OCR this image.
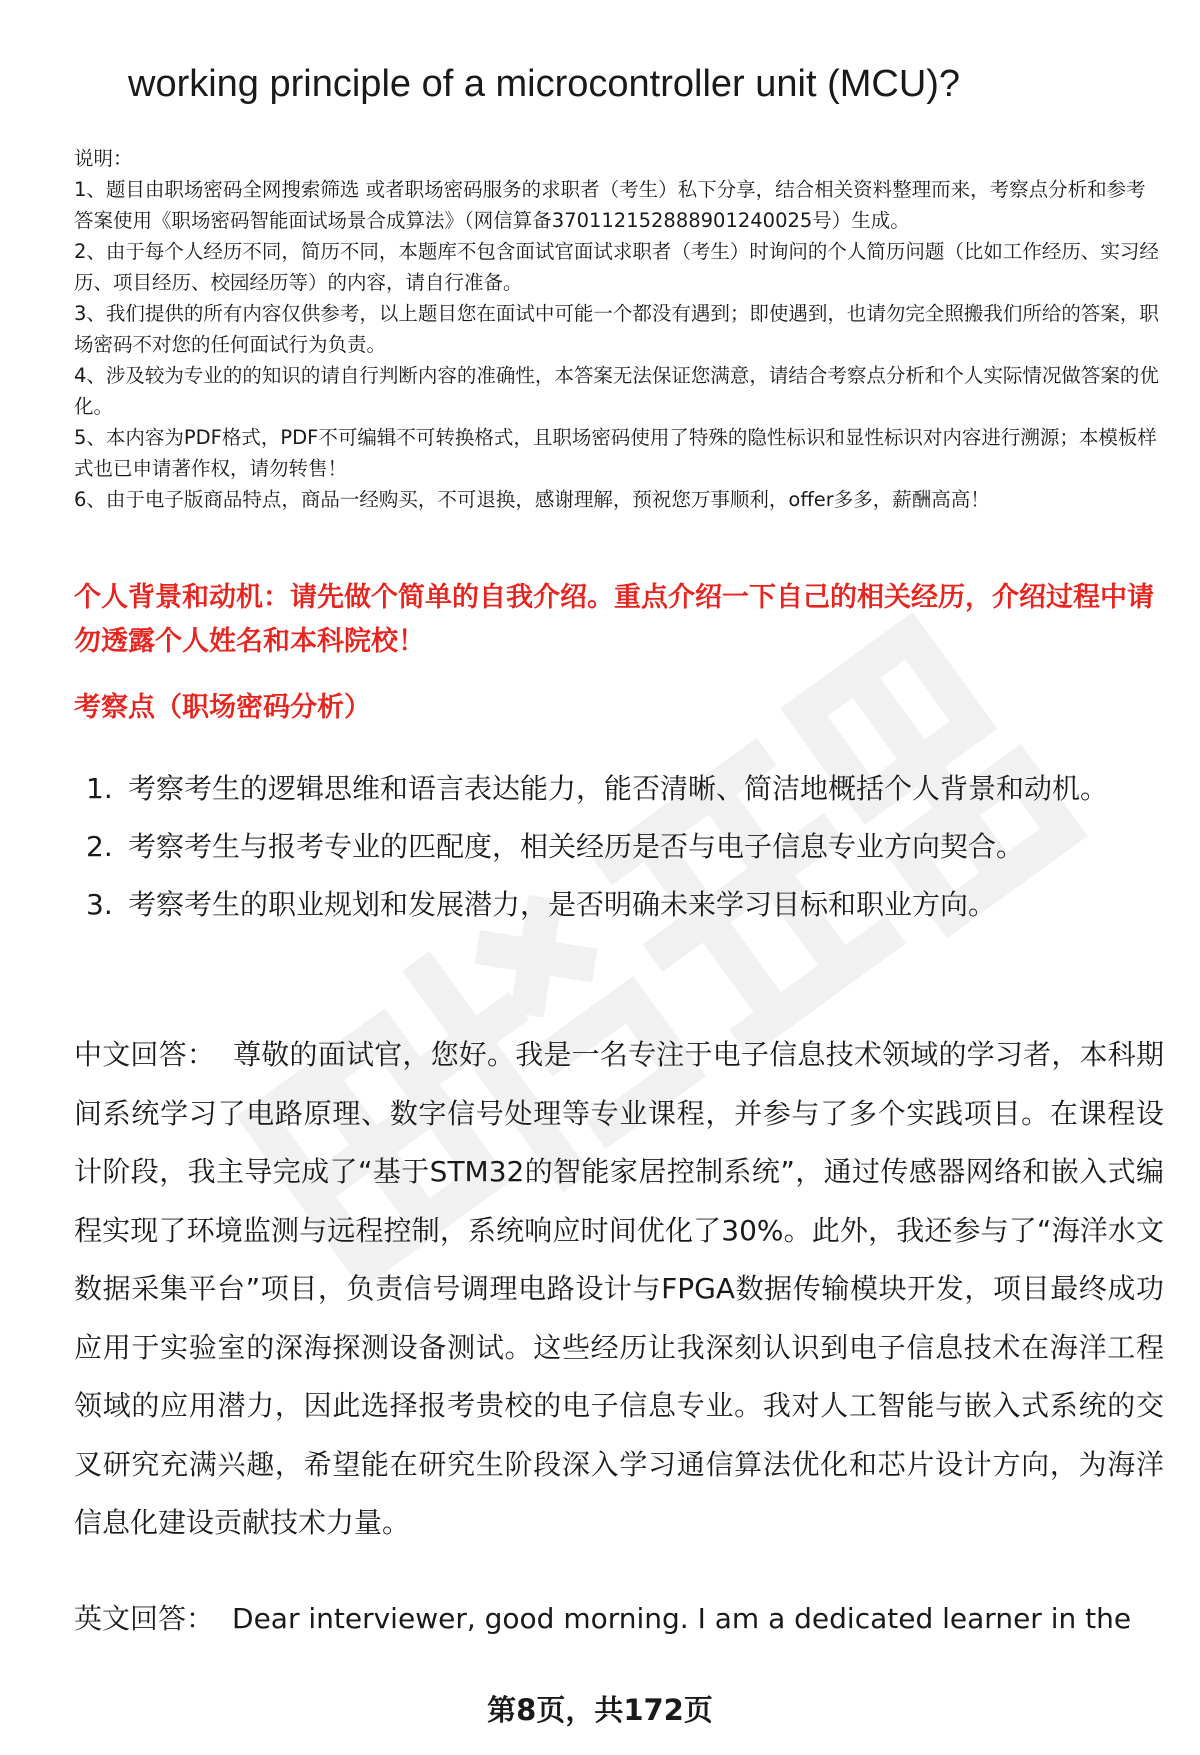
working principle of a microcontroller unit (MCU)?
说明：

1、题目由职场密码全网搜索筛选 或者职场密码服务的求职者（考生）私下分享，结合相关资料整理而来，考察点分析和参考答案使用《职场密码智能面试场景合成算法》（网信算备370112152888901240025号）生成。

2、由于每个人经历不同，简历不同，本题库不包含面试官面试求职者（考生）时询问的个人简历问题（比如工作经历、实习经历、项目经历、校园经历等）的内容，请自行准备。

3、我们提供的所有内容仅供参考，以上题目您在面试中可能一个都没有遇到；即使遇到，也请勿完全照搬我们所给的答案，职场密码不对您的任何面试行为负责。

4、涉及较为专业的的知识的请自行判断内容的准确性，本答案无法保证您满意，请结合考察点分析和个人实际情况做答案的优化。

5、本内容为PDF格式，PDF不可编辑不可转换格式，且职场密码使用了特殊的隐性标识和显性标识对内容进行溯源；本模板样式也已申请著作权，请勿转售！

6、由于电子版商品特点，商品一经购买，不可退换，感谢理解，预祝您万事顺利，offer多多，薪酬高高！

个人背景和动机：请先做个简单的自我介绍。重点介绍一下自己的相关经历，介绍过程中请勿透露个人姓名和本科院校！

考察点（职场密码分析）
1. 考察考生的逻辑思维和语言表达能力，能否清晰、简洁地概括个人背景和动机。
2. 考察考生与报考专业的匹配度，相关经历是否与电子信息专业方向契合。
3. 考察考生的职业规划和发展潜力，是否明确未来学习目标和职业方向。

中文回答： 尊敬的面试官，您好。我是一名专注于电子信息技术领域的学习者，本科期间系统学习了电路原理、数字信号处理等专业课程，并参与了多个实践项目。在课程设计阶段，我主导完成了“基于STM32的智能家居控制系统”，通过传感器网络和嵌入式编程实现了环境监测与远程控制，系统响应时间优化了30%。此外，我还参与了“海洋水文数据采集平台”项目，负责信号调理电路设计与FPGA数据传输模块开发，项目最终成功应用于实验室的深海探测设备测试。这些经历让我深刻认识到电子信息技术在海洋工程领域的应用潜力，因此选择报考贵校的电子信息专业。我对人工智能与嵌入式系统的交叉研究充满兴趣，希望能在研究生阶段深入学习通信算法优化和芯片设计方向，为海洋信息化建设贡献技术力量。

英文回答： Dear interviewer, good morning. I am a dedicated learner in the

第8页，共172页
